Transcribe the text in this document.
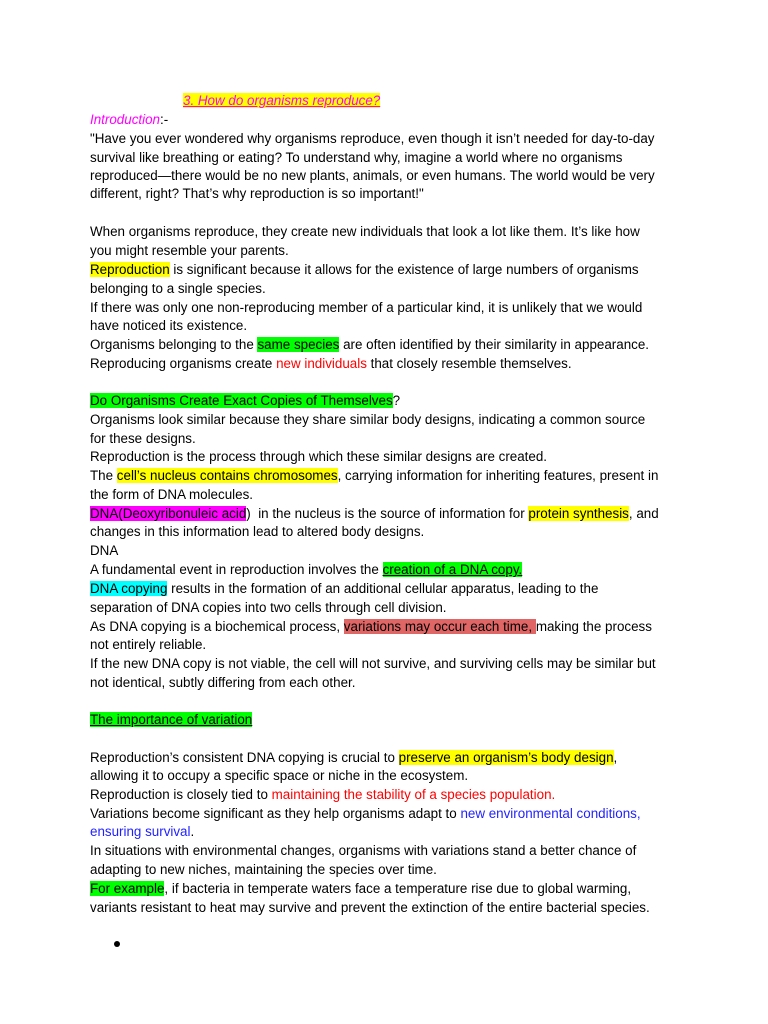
3. How do organisms reproduce?
Introduction:-
"Have you ever wondered why organisms reproduce, even though it isn’t needed for day-to-day
survival like breathing or eating? To understand why, imagine a world where no organisms
reproduced—there would be no new plants, animals, or even humans. The world would be very
different, right? That’s why reproduction is so important!"
When organisms reproduce, they create new individuals that look a lot like them. It’s like how
you might resemble your parents.
Reproduction is significant because it allows for the existence of large numbers of organisms
belonging to a single species.
If there was only one non-reproducing member of a particular kind, it is unlikely that we would
have noticed its existence.
Organisms belonging to the same species are often identified by their similarity in appearance.
Reproducing organisms create new individuals that closely resemble themselves.
Do Organisms Create Exact Copies of Themselves?
Organisms look similar because they share similar body designs, indicating a common source
for these designs.
Reproduction is the process through which these similar designs are created.
The cell’s nucleus contains chromosomes, carrying information for inheriting features, present in
the form of DNA molecules.
DNA(Deoxyribonuleic acid)  in the nucleus is the source of information for protein synthesis, and
changes in this information lead to altered body designs.
DNA
A fundamental event in reproduction involves the creation of a DNA copy.
DNA copying results in the formation of an additional cellular apparatus, leading to the
separation of DNA copies into two cells through cell division.
As DNA copying is a biochemical process, variations may occur each time, making the process
not entirely reliable.
If the new DNA copy is not viable, the cell will not survive, and surviving cells may be similar but
not identical, subtly differing from each other.
The importance of variation
Reproduction’s consistent DNA copying is crucial to preserve an organism’s body design,
allowing it to occupy a specific space or niche in the ecosystem.
Reproduction is closely tied to maintaining the stability of a species population.
Variations become significant as they help organisms adapt to new environmental conditions,
ensuring survival.
In situations with environmental changes, organisms with variations stand a better chance of
adapting to new niches, maintaining the species over time.
For example, if bacteria in temperate waters face a temperature rise due to global warming,
variants resistant to heat may survive and prevent the extinction of the entire bacterial species.
